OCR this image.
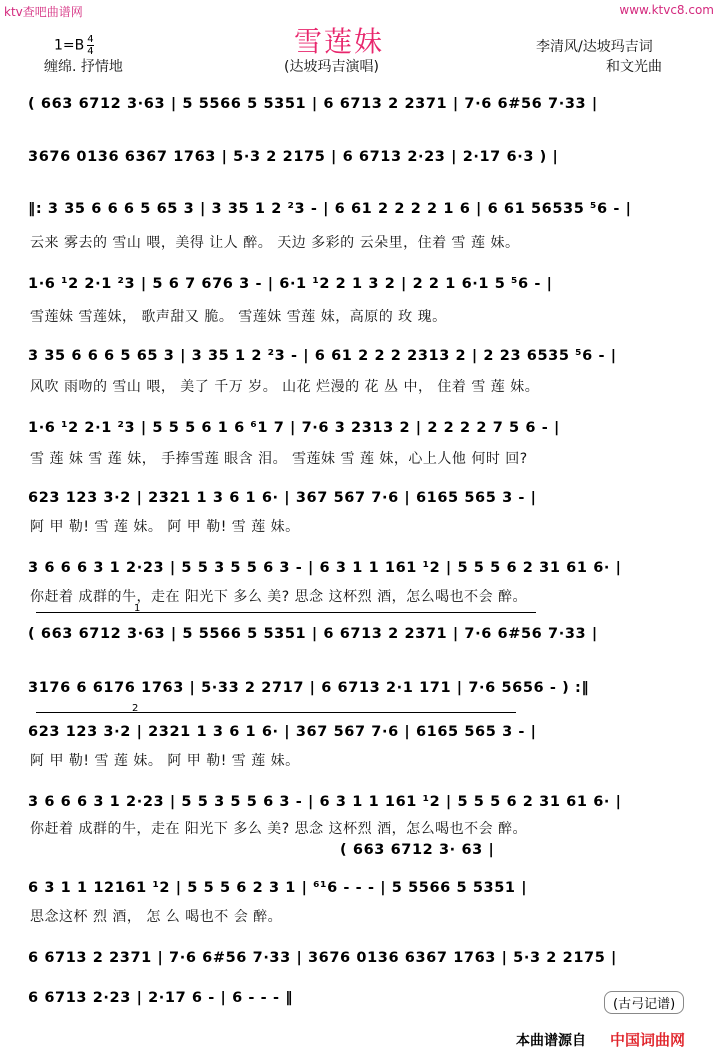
ktv查吧曲谱网	www.ktvc8.com
雪莲妹
$1=B \frac{4}{4}$
缠绵. 抒情地	(达坡玛吉演唱)
李清风/达坡玛吉词
和文光曲
( 663 6712 3·63 | 5 5566 5 5351 | 6 6713 2 2371 | 7·6 6#56 7·33 |
3676 0136 6367 1763 | 5·3 2 2175 | 6 6713 2·23 | 2·17 6·3 ) |
‖: 3 35 6 6 6 5 65 3 | 3 35 1 2 ²3 - | 6 61 2 2 2 2 1 6 | 6 61 56535 ⁵6 - |
云来 雾去的 雪山 喂，美得 让人 醉。 天边 多彩的 云朵里，住着 雪 莲 妹。
1·6 ¹2 2·1 ²3 | 5 6 7 676 3 - | 6·1 ¹2 2 1 3 2 | 2 2 1 6·1 5 ⁵6 - |
雪莲妹 雪莲妹， 歌声甜又 脆。 雪莲妹 雪莲 妹，高原的 玫 瑰。
3 35 6 6 6 5 65 3 | 3 35 1 2 ²3 - | 6 61 2 2 2 2313 2 | 2 23 6535 ⁵6 - |
风吹 雨吻的 雪山 喂， 美了 千万 岁。 山花 烂漫的 花 丛 中， 住着 雪 莲 妹。
1·6 ¹2 2·1 ²3 | 5 5 5 6 1 6 ⁶1 7 | 7·6 3 2313 2 | 2 2 2 2 7 5 6 - |
雪 莲 妹 雪 莲 妹， 手捧雪莲 眼含 泪。 雪莲妹 雪 莲 妹，心上人他 何时 回?
623 123 3·2 | 2321 1 3 6 1 6· | 367 567 7·6 | 6165 565 3 - |
阿 甲 勒! 雪 莲 妹。 阿 甲 勒! 雪 莲 妹。
3 6 6 6 3 1 2·23 | 5 5 3 5 5 6 3 - | 6 3 1 1 161 ¹2 | 5 5 5 6 2 31 61 6· |
你赶着 成群的牛，走在 阳光下 多么 美? 思念 这杯烈 酒，怎么喝也不会 醉。
1
( 663 6712 3·63 | 5 5566 5 5351 | 6 6713 2 2371 | 7·6 6#56 7·33 |
3176 6 6176 1763 | 5·33 2 2717 | 6 6713 2·1 171 | 7·6 5656 - ) :‖
2
623 123 3·2 | 2321 1 3 6 1 6· | 367 567 7·6 | 6165 565 3 - |
阿 甲 勒! 雪 莲 妹。 阿 甲 勒! 雪 莲 妹。
3 6 6 6 3 1 2·23 | 5 5 3 5 5 6 3 - | 6 3 1 1 161 ¹2 | 5 5 5 6 2 31 61 6· |
你赶着 成群的牛，走在 阳光下 多么 美? 思念 这杯烈 酒，怎么喝也不会 醉。
( 663 6712 3· 63 |
6 3 1 1 12161 ¹2 | 5 5 5 6 2 3 1 | ⁶¹6 - - - | 5 5566 5 5351 |
思念这杯 烈 酒， 怎 么 喝也不 会 醉。
6 6713 2 2371 | 7·6 6#56 7·33 | 3676 0136 6367 1763 | 5·3 2 2175 |
6 6713 2·23 | 2·17 6 - | 6 - - - ‖	(古弓记谱)
本曲谱源自 中国词曲网
